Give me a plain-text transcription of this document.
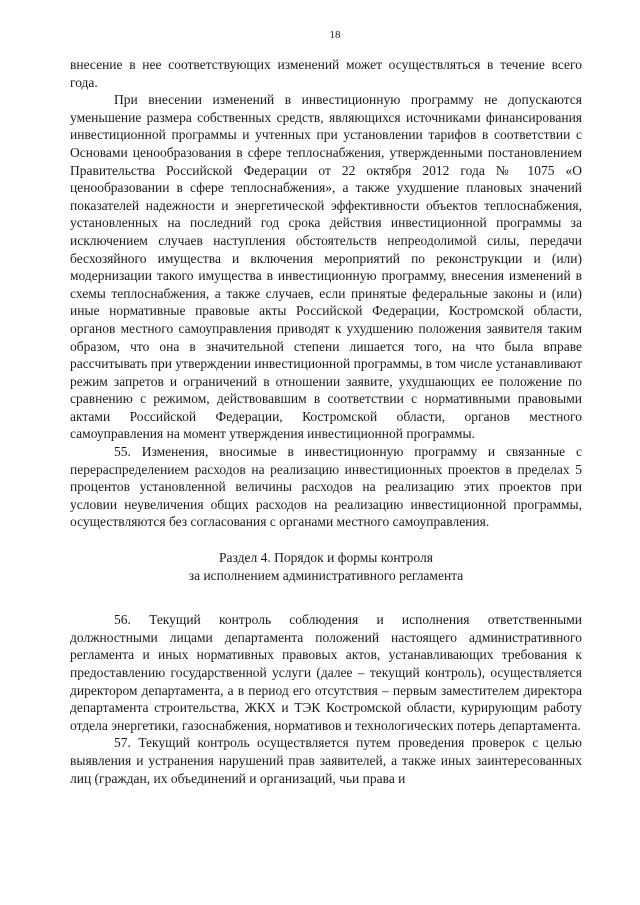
18

внесение в нее соответствующих изменений может осуществляться в течение всего года.

При внесении изменений в инвестиционную программу не допускаются уменьшение размера собственных средств, являющихся источниками финансирования инвестиционной программы и учтенных при установлении тарифов в соответствии с Основами ценообразования в сфере теплоснабжения, утвержденными постановлением Правительства Российской Федерации от 22 октября 2012 года № 1075 «О ценообразовании в сфере теплоснабжения», а также ухудшение плановых значений показателей надежности и энергетической эффективности объектов теплоснабжения, установленных на последний год срока действия инвестиционной программы за исключением случаев наступления обстоятельств непреодолимой силы, передачи бесхозяйного имущества и включения мероприятий по реконструкции и (или) модернизации такого имущества в инвестиционную программу, внесения изменений в схемы теплоснабжения, а также случаев, если принятые федеральные законы и (или) иные нормативные правовые акты Российской Федерации, Костромской области, органов местного самоуправления приводят к ухудшению положения заявителя таким образом, что она в значительной степени лишается того, на что была вправе рассчитывать при утверждении инвестиционной программы, в том числе устанавливают режим запретов и ограничений в отношении заявите, ухудшающих ее положение по сравнению с режимом, действовавшим в соответствии с нормативными правовыми актами Российской Федерации, Костромской области, органов местного самоуправления на момент утверждения инвестиционной программы.

55. Изменения, вносимые в инвестиционную программу и связанные с перераспределением расходов на реализацию инвестиционных проектов в пределах 5 процентов установленной величины расходов на реализацию этих проектов при условии неувеличения общих расходов на реализацию инвестиционной программы, осуществляются без согласования с органами местного самоуправления.

Раздел 4. Порядок и формы контроля
за исполнением административного регламента

56. Текущий контроль соблюдения и исполнения ответственными должностными лицами департамента положений настоящего административного регламента и иных нормативных правовых актов, устанавливающих требования к предоставлению государственной услуги (далее – текущий контроль), осуществляется директором департамента, а в период его отсутствия – первым заместителем директора департамента строительства, ЖКХ и ТЭК Костромской области, курирующим работу отдела энергетики, газоснабжения, нормативов и технологических потерь департамента.

57. Текущий контроль осуществляется путем проведения проверок с целью выявления и устранения нарушений прав заявителей, а также иных заинтересованных лиц (граждан, их объединений и организаций, чьи права и
